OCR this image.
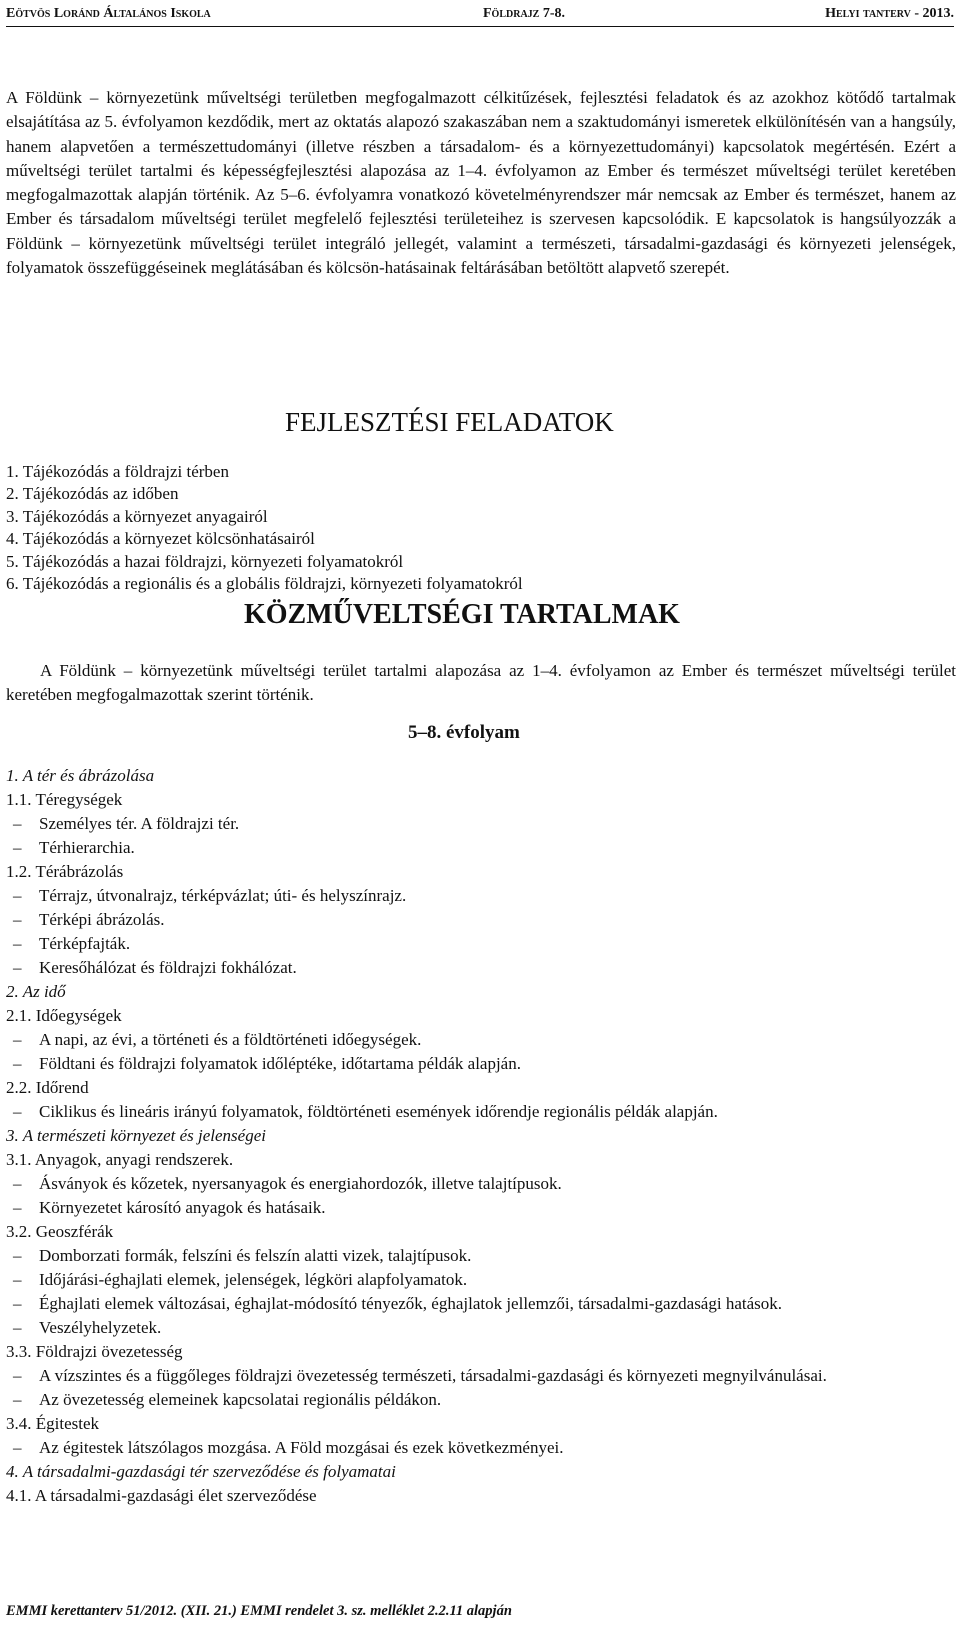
Eötvös Loránd Általános Iskola	Földrajz 7-8.	Helyi tanterv - 2013.
A Földünk – környezetünk műveltségi területben megfogalmazott célkitűzések, fejlesztési feladatok és az azokhoz kötődő tartalmak elsajátítása az 5. évfolyamon kezdődik, mert az oktatás alapozó szakaszában nem a szaktudományi ismeretek elkülönítésén van a hangsúly, hanem alapvetően a természettudományi (illetve részben a társadalom- és a környezettudományi) kapcsolatok megértésén. Ezért a műveltségi terület tartalmi és képességfejlesztési alapozása az 1–4. évfolyamon az Ember és természet műveltségi terület keretében megfogalmazottak alapján történik. Az 5–6. évfolyamra vonatkozó követelményrendszer már nemcsak az Ember és természet, hanem az Ember és társadalom műveltségi terület megfelelő fejlesztési területeihez is szervesen kapcsolódik. E kapcsolatok is hangsúlyozzák a Földünk – környezetünk műveltségi terület integráló jellegét, valamint a természeti, társadalmi-gazdasági és környezeti jelenségek, folyamatok összefüggéseinek meglátásában és kölcsön-hatásainak feltárásában betöltött alapvető szerepét.
FEJLESZTÉSI FELADATOK
1. Tájékozódás a földrajzi térben
2. Tájékozódás az időben
3. Tájékozódás a környezet anyagairól
4. Tájékozódás a környezet kölcsönhatásairól
5. Tájékozódás a hazai földrajzi, környezeti folyamatokról
6. Tájékozódás a regionális és a globális földrajzi, környezeti folyamatokról
KÖZMŰVELTSÉGI TARTALMAK
A Földünk – környezetünk műveltségi terület tartalmi alapozása az 1–4. évfolyamon az Ember és természet műveltségi terület keretében megfogalmazottak szerint történik.
5–8. évfolyam
1. A tér és ábrázolása
1.1. Téregységek
–	Személyes tér. A földrajzi tér.
–	Térhierarchia.
1.2. Térábrázolás
–	Térrajz, útvonalrajz, térképvázlat; úti- és helyszínrajz.
–	Térképi ábrázolás.
–	Térképfajták.
–	Keresőhálózat és földrajzi fokhálózat.
2. Az idő
2.1. Időegységek
–	A napi, az évi, a történeti és a földtörténeti időegységek.
–	Földtani és földrajzi folyamatok időléptéke, időtartama példák alapján.
2.2. Időrend
–	Ciklikus és lineáris irányú folyamatok, földtörténeti események időrendje regionális példák alapján.
3. A természeti környezet és jelenségei
3.1. Anyagok, anyagi rendszerek.
–	Ásványok és kőzetek, nyersanyagok és energiahordozók, illetve talajtípusok.
–	Környezetet károsító anyagok és hatásaik.
3.2. Geoszférák
–	Domborzati formák, felszíni és felszín alatti vizek, talajtípusok.
–	Időjárási-éghajlati elemek, jelenségek, légköri alapfolyamatok.
–	Éghajlati elemek változásai, éghajlat-módosító tényezők, éghajlatok jellemzői, társadalmi-gazdasági hatások.
–	Veszélyhelyzetek.
3.3. Földrajzi övezetesség
–	A vízszintes és a függőleges földrajzi övezetesség természeti, társadalmi-gazdasági és környezeti megnyilvánulásai.
–	Az övezetesség elemeinek kapcsolatai regionális példákon.
3.4. Égitestek
–	Az égitestek látszólagos mozgása. A Föld mozgásai és ezek következményei.
4. A társadalmi-gazdasági tér szerveződése és folyamatai
4.1. A társadalmi-gazdasági élet szerveződése
EMMI kerettanterv 51/2012. (XII. 21.) EMMI rendelet 3. sz. melléklet 2.2.11 alapján
